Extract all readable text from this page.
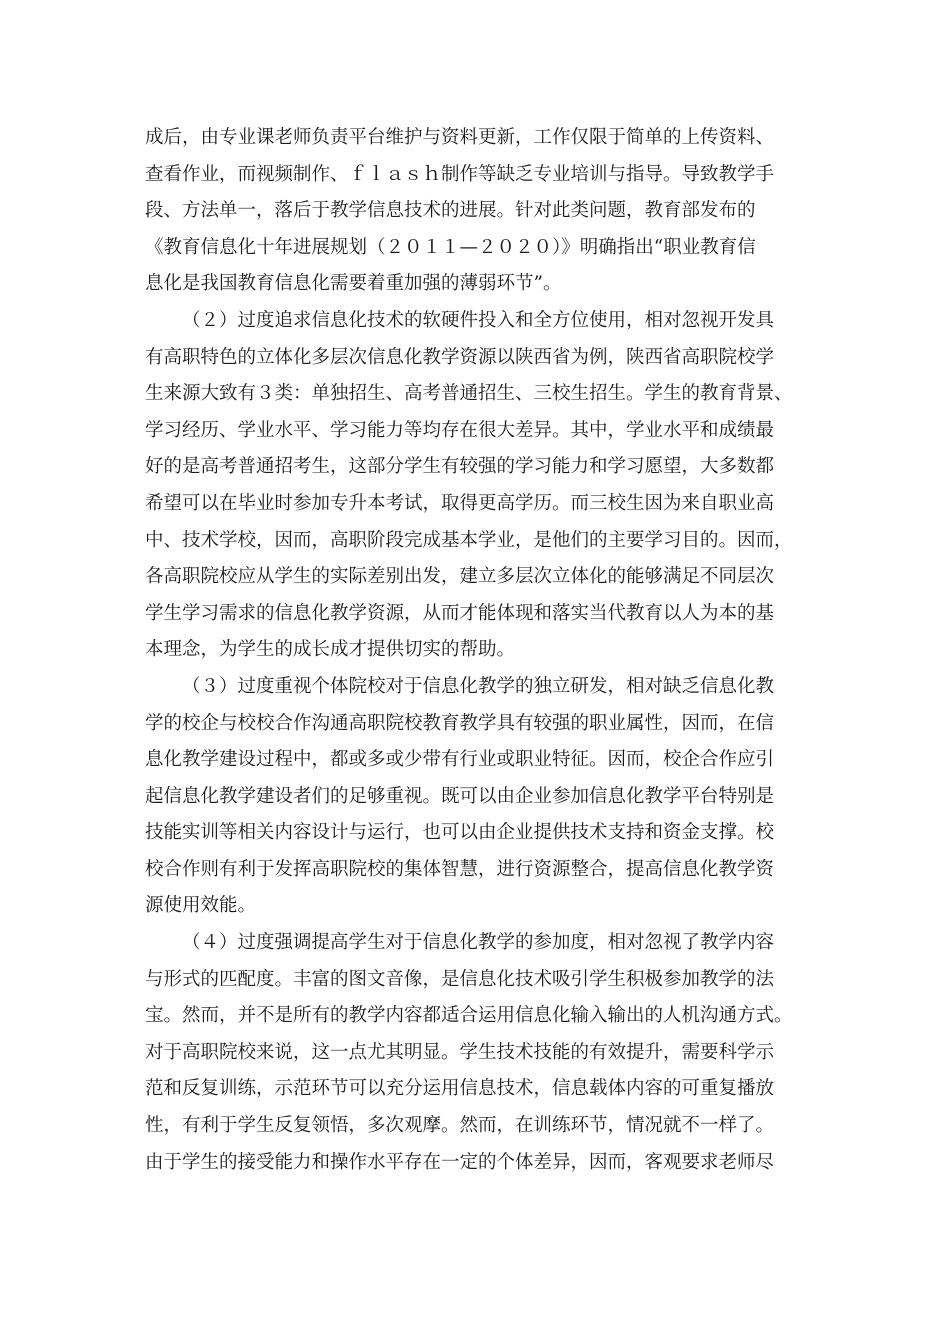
成后，由专业课老师负责平台维护与资料更新，工作仅限于简单的上传资料、
查看作业，而视频制作、ｆｌａｓｈ制作等缺乏专业培训与指导。导致教学手
段、方法单一，落后于教学信息技术的进展。针对此类问题，教育部发布的
《教育信息化十年进展规划（２０１１—２０２０）》明确指出“职业教育信
息化是我国教育信息化需要着重加强的薄弱环节”。
（２）过度追求信息化技术的软硬件投入和全方位使用，相对忽视开发具
有高职特色的立体化多层次信息化教学资源以陕西省为例，陕西省高职院校学
生来源大致有３类：单独招生、高考普通招生、三校生招生。学生的教育背景、
学习经历、学业水平、学习能力等均存在很大差异。其中，学业水平和成绩最
好的是高考普通招考生，这部分学生有较强的学习能力和学习愿望，大多数都
希望可以在毕业时参加专升本考试，取得更高学历。而三校生因为来自职业高
中、技术学校，因而，高职阶段完成基本学业，是他们的主要学习目的。因而，
各高职院校应从学生的实际差别出发，建立多层次立体化的能够满足不同层次
学生学习需求的信息化教学资源，从而才能体现和落实当代教育以人为本的基
本理念，为学生的成长成才提供切实的帮助。
（３）过度重视个体院校对于信息化教学的独立研发，相对缺乏信息化教
学的校企与校校合作沟通高职院校教育教学具有较强的职业属性，因而，在信
息化教学建设过程中，都或多或少带有行业或职业特征。因而，校企合作应引
起信息化教学建设者们的足够重视。既可以由企业参加信息化教学平台特别是
技能实训等相关内容设计与运行，也可以由企业提供技术支持和资金支撑。校
校合作则有利于发挥高职院校的集体智慧，进行资源整合，提高信息化教学资
源使用效能。
（４）过度强调提高学生对于信息化教学的参加度，相对忽视了教学内容
与形式的匹配度。丰富的图文音像，是信息化技术吸引学生积极参加教学的法
宝。然而，并不是所有的教学内容都适合运用信息化输入输出的人机沟通方式。
对于高职院校来说，这一点尤其明显。学生技术技能的有效提升，需要科学示
范和反复训练，示范环节可以充分运用信息技术，信息载体内容的可重复播放
性，有利于学生反复领悟，多次观摩。然而，在训练环节，情况就不一样了。
由于学生的接受能力和操作水平存在一定的个体差异，因而，客观要求老师尽
